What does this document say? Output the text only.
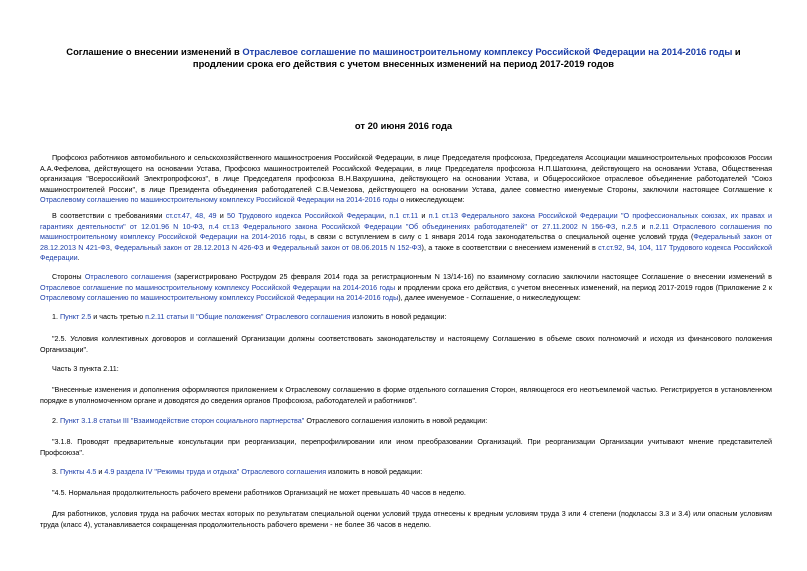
Соглашение о внесении изменений в Отраслевое соглашение по машиностроительному комплексу Российской Федерации на 2014-2016 годы и продлении срока его действия с учетом внесенных изменений на период 2017-2019 годов
от 20 июня 2016 года
Профсоюз работников автомобильного и сельскохозяйственного машиностроения Российской Федерации, в лице Председателя профсоюза, Председателя Ассоциации машиностроительных профсоюзов России А.А.Фефелова, действующего на основании Устава, Профсоюз машиностроителей Российской Федерации, в лице Председателя профсоюза Н.П.Шатохина, действующего на основании Устава, Общественная организация "Всероссийский Электропрофсоюз", в лице Председателя профсоюза В.Н.Вахрушкина, действующего на основании Устава, и Общероссийское отраслевое объединение работодателей "Союз машиностроителей России", в лице Президента объединения работодателей С.В.Чемезова, действующего на основании Устава, далее совместно именуемые Стороны, заключили настоящее Соглашение к Отраслевому соглашению по машиностроительному комплексу Российской Федерации на 2014-2016 годы о нижеследующем:
В соответствии с требованиями ст.ст.47, 48, 49 и 50 Трудового кодекса Российской Федерации, п.1 ст.11 и п.1 ст.13 Федерального закона Российской Федерации "О профессиональных союзах, их правах и гарантиях деятельности" от 12.01.96 N 10-ФЗ, п.4 ст.13 Федерального закона Российской Федерации "Об объединениях работодателей" от 27.11.2002 N 156-ФЗ, п.2.5 и п.2.11 Отраслевого соглашения по машиностроительному комплексу Российской Федерации на 2014-2016 годы, в связи с вступлением в силу с 1 января 2014 года законодательства о специальной оценке условий труда (Федеральный закон от 28.12.2013 N 421-ФЗ, Федеральный закон от 28.12.2013 N 426-ФЗ и Федеральный закон от 08.06.2015 N 152-ФЗ), а также в соответствии с внесением изменений в ст.ст.92, 94, 104, 117 Трудового кодекса Российской Федерации.
Стороны Отраслевого соглашения (зарегистрировано Рострудом 25 февраля 2014 года за регистрационным N 13/14-16) по взаимному согласию заключили настоящее Соглашение о внесении изменений в Отраслевое соглашение по машиностроительному комплексу Российской Федерации на 2014-2016 годы и продлении срока его действия, с учетом внесенных изменений, на период 2017-2019 годов (Приложение 2 к Отраслевому соглашению по машиностроительному комплексу Российской Федерации на 2014-2016 годы), далее именуемое - Соглашение, о нижеследующем:
1. Пункт 2.5 и часть третью п.2.11 статьи II "Общие положения" Отраслевого соглашения изложить в новой редакции:
"2.5. Условия коллективных договоров и соглашений Организации должны соответствовать законодательству и настоящему Соглашению в объеме своих полномочий и исходя из финансового положения Организации".
Часть 3 пункта 2.11:
"Внесенные изменения и дополнения оформляются приложением к Отраслевому соглашению в форме отдельного соглашения Сторон, являющегося его неотъемлемой частью. Регистрируется в установленном порядке в уполномоченном органе и доводятся до сведения органов Профсоюза, работодателей и работников".
2. Пункт 3.1.8 статьи III "Взаимодействие сторон социального партнерства" Отраслевого соглашения изложить в новой редакции:
"3.1.8. Проводят предварительные консультации при реорганизации, перепрофилировании или ином преобразовании Организаций. При реорганизации Организации учитывают мнение представителей Профсоюза".
3. Пункты 4.5 и 4.9 раздела IV "Режимы труда и отдыха" Отраслевого соглашения изложить в новой редакции:
"4.5. Нормальная продолжительность рабочего времени работников Организаций не может превышать 40 часов в неделю.
Для работников, условия труда на рабочих местах которых по результатам специальной оценки условий труда отнесены к вредным условиям труда 3 или 4 степени (подклассы 3.3 и 3.4) или опасным условиям труда (класс 4), устанавливается сокращенная продолжительность рабочего времени - не более 36 часов в неделю.
